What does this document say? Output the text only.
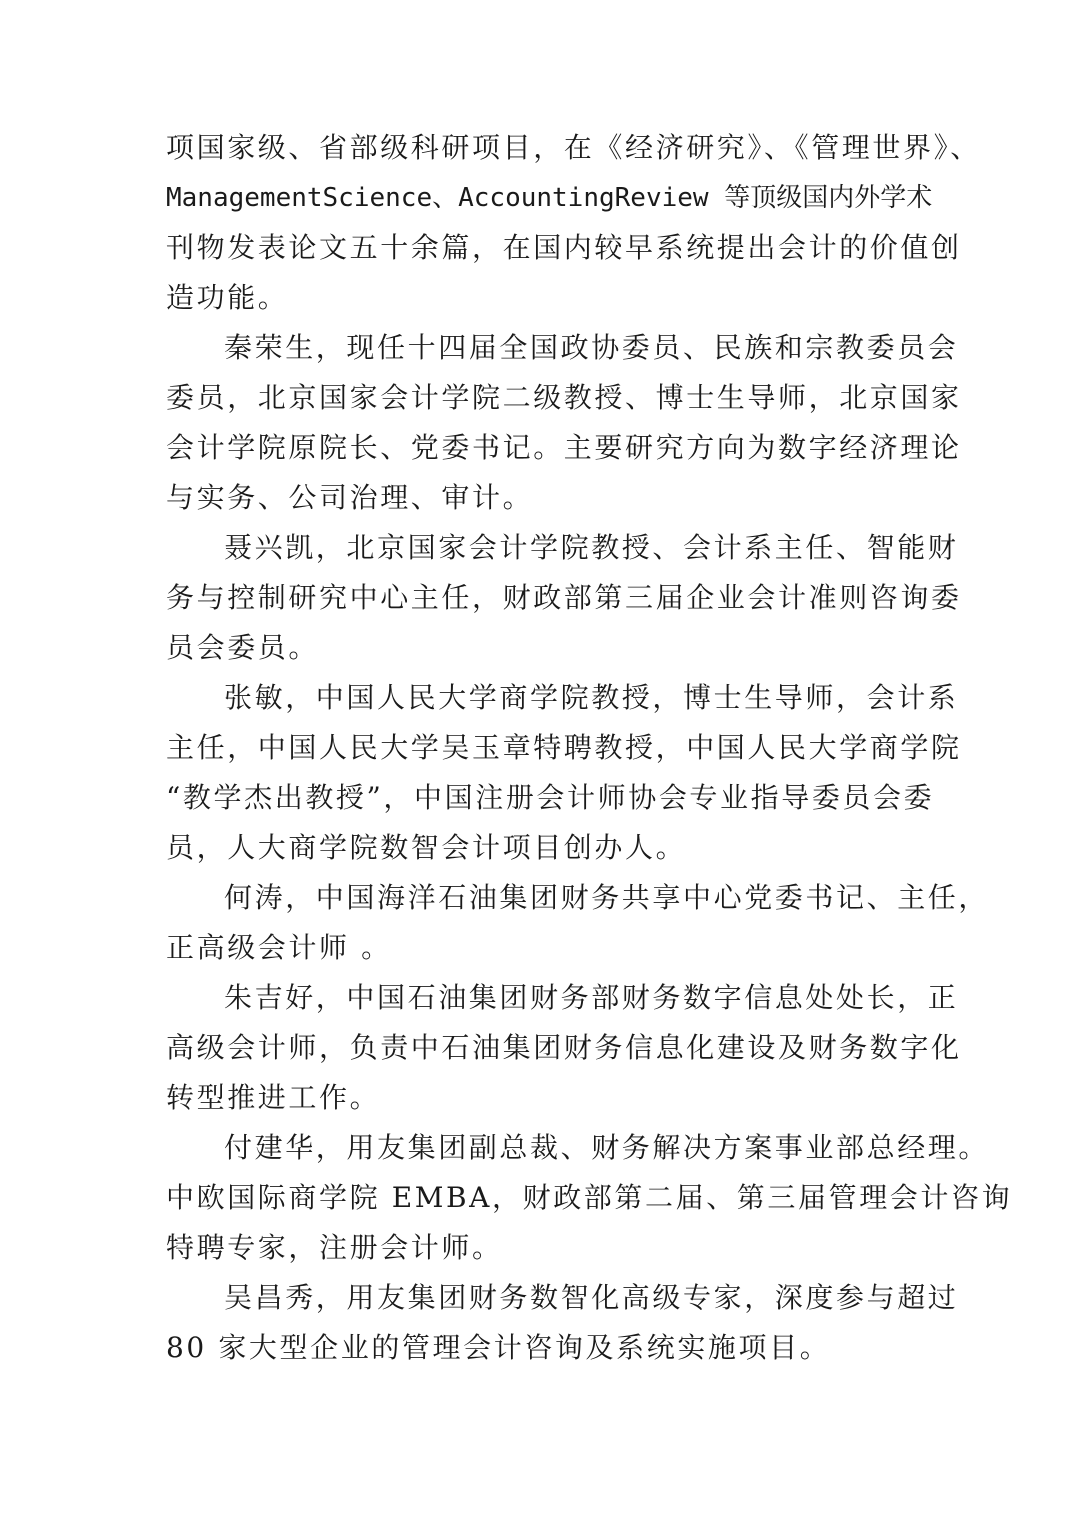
项国家级、省部级科研项目，在《经济研究》、《管理世界》、
ManagementScience、AccountingReview 等顶级国内外学术
刊物发表论文五十余篇，在国内较早系统提出会计的价值创
造功能。

秦荣生，现任十四届全国政协委员、民族和宗教委员会
委员，北京国家会计学院二级教授、博士生导师，北京国家
会计学院原院长、党委书记。主要研究方向为数字经济理论
与实务、公司治理、审计。

聂兴凯，北京国家会计学院教授、会计系主任、智能财
务与控制研究中心主任，财政部第三届企业会计准则咨询委
员会委员。

张敏，中国人民大学商学院教授，博士生导师，会计系
主任，中国人民大学吴玉章特聘教授，中国人民大学商学院
“教学杰出教授”，中国注册会计师协会专业指导委员会委
员，人大商学院数智会计项目创办人。

何涛，中国海洋石油集团财务共享中心党委书记、主任，
正高级会计师 。

朱吉好，中国石油集团财务部财务数字信息处处长，正
高级会计师，负责中石油集团财务信息化建设及财务数字化
转型推进工作。

付建华，用友集团副总裁、财务解决方案事业部总经理。
中欧国际商学院 EMBA，财政部第二届、第三届管理会计咨询
特聘专家，注册会计师。

吴昌秀，用友集团财务数智化高级专家，深度参与超过
80 家大型企业的管理会计咨询及系统实施项目。
